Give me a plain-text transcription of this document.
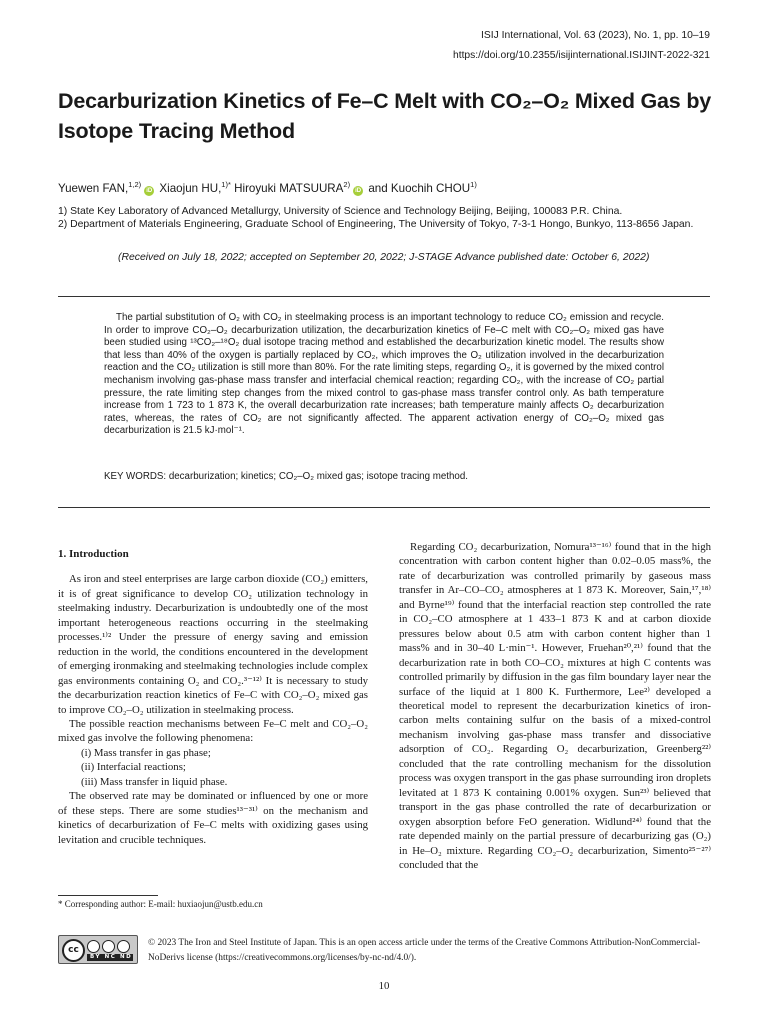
ISIJ International, Vol. 63 (2023), No. 1, pp. 10–19
https://doi.org/10.2355/isijinternational.ISIJINT-2022-321
Decarburization Kinetics of Fe–C Melt with CO₂–O₂ Mixed Gas by Isotope Tracing Method
Yuewen FAN,$^{1,2)}$iD Xiaojun HU,$^{1)*}$ Hiroyuki MATSUURA$^{2)}$iD and Kuochih CHOU$^{1)}$
1) State Key Laboratory of Advanced Metallurgy, University of Science and Technology Beijing, Beijing, 100083 P.R. China.
2) Department of Materials Engineering, Graduate School of Engineering, The University of Tokyo, 7-3-1 Hongo, Bunkyo, 113-8656 Japan.
(Received on July 18, 2022; accepted on September 20, 2022; J-STAGE Advance published date: October 6, 2022)
The partial substitution of O₂ with CO₂ in steelmaking process is an important technology to reduce CO₂ emission and recycle. In order to improve CO₂–O₂ decarburization utilization, the decarburization kinetics of Fe–C melt with CO₂–O₂ mixed gas have been studied using ¹³CO₂–¹⁸O₂ dual isotope tracing method and established the decarburization kinetic model. The results show that less than 40% of the oxygen is partially replaced by CO₂, which improves the O₂ utilization involved in the decarburization reaction and the CO₂ utilization is still more than 80%. For the rate limiting steps, regarding O₂, it is governed by the mixed control mechanism involving gas-phase mass transfer and interfacial chemical reaction; regarding CO₂, with the increase of CO₂ partial pressure, the rate limiting step changes from the mixed control to gas-phase mass transfer control only. As bath temperature increase from 1 723 to 1 873 K, the overall decarburization rate increases; bath temperature mainly affects O₂ decarburization rates, whereas, the rates of CO₂ are not significantly affected. The apparent activation energy of CO₂–O₂ mixed gas decarburization is 21.5 kJ·mol⁻¹.
KEY WORDS: decarburization; kinetics; CO₂–O₂ mixed gas; isotope tracing method.
1. Introduction

As iron and steel enterprises are large carbon dioxide (CO₂) emitters, it is of great significance to develop CO₂ utilization technology in steelmaking industry. Decarburization is undoubtedly one of the most important heterogeneous reactions occurring in the steelmaking processes.¹⁾² Under the pressure of energy saving and emission reduction in the world, the conditions encountered in the development of emerging ironmaking and steelmaking technologies include complex gas environments containing O₂ and CO₂.³⁻¹²⁾ It is necessary to study the decarburization reaction kinetics of Fe–C with CO₂–O₂ mixed gas to improve CO₂–O₂ utilization in steelmaking process.

The possible reaction mechanisms between Fe–C melt and CO₂–O₂ mixed gas involve the following phenomena:

(i) Mass transfer in gas phase;

(ii) Interfacial reactions;

(iii) Mass transfer in liquid phase.

The observed rate may be dominated or influenced by one or more of these steps. There are some studies¹³⁻³¹⁾ on the mechanism and kinetics of decarburization of Fe–C melts with oxidizing gases using levitation and crucible techniques.

Regarding CO₂ decarburization, Nomura¹³⁻¹⁶⁾ found that in the high concentration with carbon content higher than 0.02–0.05 mass%, the rate of decarburization was controlled primarily by gaseous mass transfer in Ar–CO–CO₂ atmospheres at 1 873 K. Moreover, Sain,¹⁷,¹⁸⁾ and Byrne¹⁹⁾ found that the interfacial reaction step controlled the rate in CO₂–CO atmosphere at 1 433–1 873 K and at carbon dioxide pressures below about 0.5 atm with carbon content higher than 1 mass% and in 30–40 L·min⁻¹. However, Fruehan²⁰,²¹⁾ found that the decarburization rate in both CO–CO₂ mixtures at high C contents was controlled primarily by diffusion in the gas film boundary layer near the surface of the liquid at 1 800 K. Furthermore, Lee²⁾ developed a theoretical model to represent the decarburization kinetics of iron-carbon melts containing sulfur on the basis of a mixed-control mechanism involving gas-phase mass transfer and dissociative adsorption of CO₂. Regarding O₂ decarburization, Greenberg²²⁾ concluded that the rate controlling mechanism for the dissolution process was oxygen transport in the gas phase surrounding iron droplets levitated at 1 873 K containing 0.001% oxygen. Sun²³⁾ believed that transport in the gas phase controlled the rate of decarburization or oxygen absorption before FeO generation. Widlund²⁴⁾ found that the rate depended mainly on the partial pressure of decarburizing gas (O₂) in He–O₂ mixture. Regarding CO₂–O₂ decarburization, Simento²⁵⁻²⁷⁾ concluded that the

* Corresponding author: E-mail: huxiaojun@ustb.edu.cn
cc
BY NC ND
© 2023 The Iron and Steel Institute of Japan. This is an open access article under the terms of the Creative Commons Attribution-NonCommercial-NoDerivs license (https://creativecommons.org/licenses/by-nc-nd/4.0/).
10
